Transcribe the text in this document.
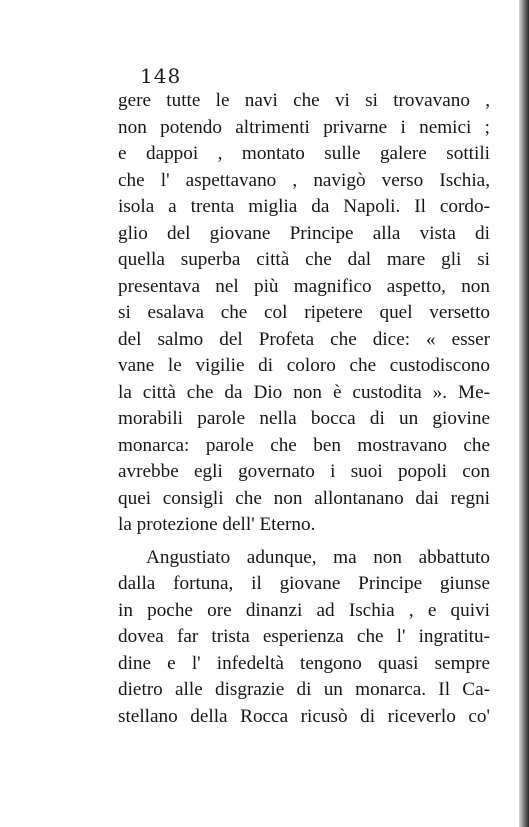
148
gere tutte le navi che vi si trovavano ,
non potendo altrimenti privarne i nemici ;
e dappoi , montato sulle galere sottili
che l' aspettavano , navigò verso Ischia,
isola a trenta miglia da Napoli. Il cordo-
glio del giovane Principe alla vista di
quella superba città che dal mare gli si
presentava nel più magnifico aspetto, non
si esalava che col ripetere quel versetto
del salmo del Profeta che dice: « esser
vane le vigilie di coloro che custodiscono
la città che da Dio non è custodita ». Me-
morabili parole nella bocca di un giovine
monarca: parole che ben mostravano che
avrebbe egli governato i suoi popoli con
quei consigli che non allontanano dai regni
la protezione dell' Eterno.
Angustiato adunque, ma non abbattuto
dalla fortuna, il giovane Principe giunse
in poche ore dinanzi ad Ischia , e quivi
dovea far trista esperienza che l' ingratitu-
dine e l' infedeltà tengono quasi sempre
dietro alle disgrazie di un monarca. Il Ca-
stellano della Rocca ricusò di riceverlo co'
